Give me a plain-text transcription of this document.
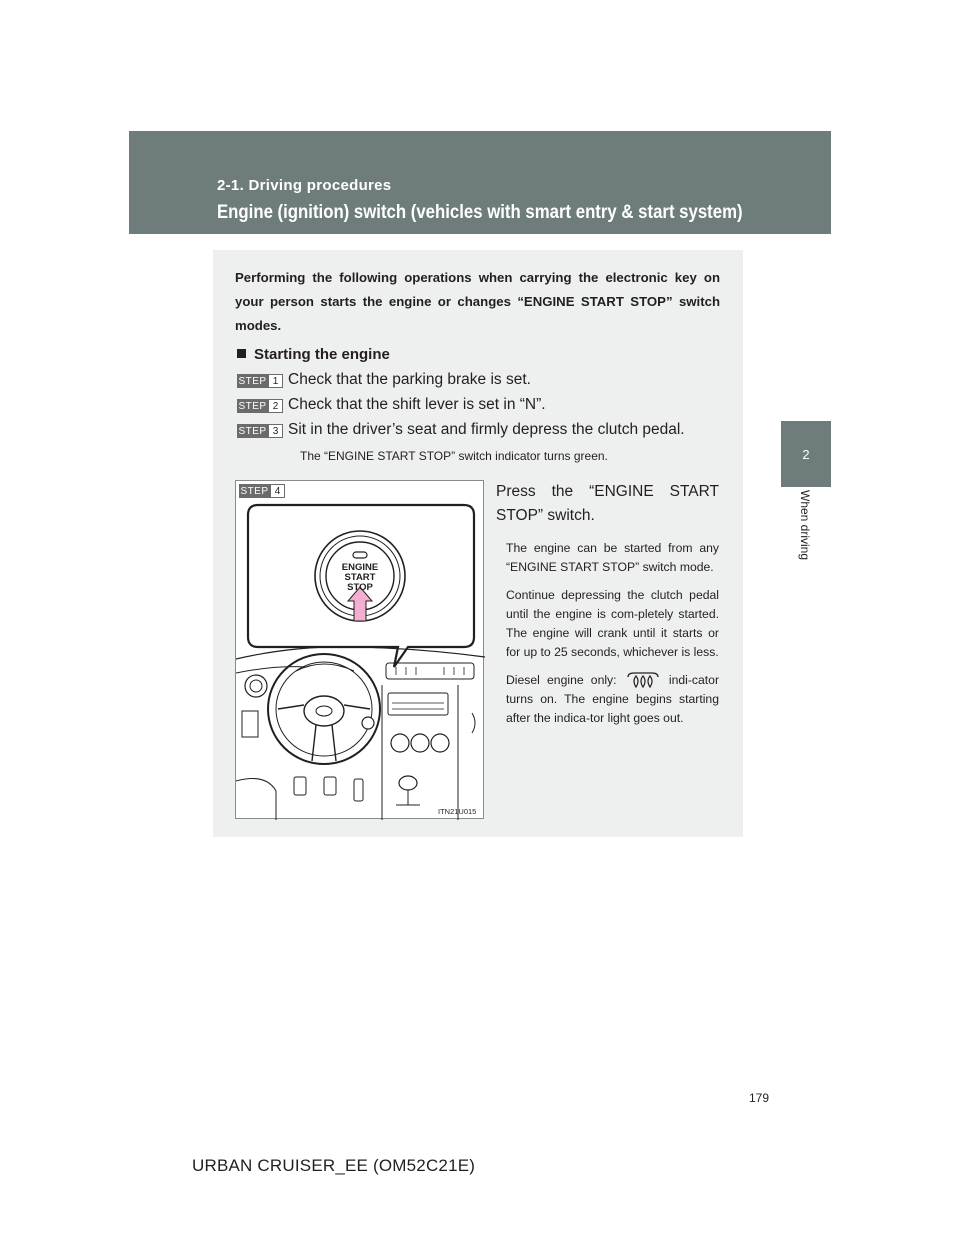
2-1. Driving procedures
Engine (ignition) switch (vehicles with smart entry & start system)
2
When driving
Performing the following operations when carrying the electronic key on your person starts the engine or changes “ENGINE START STOP” switch modes.
Starting the engine
STEP 1 Check that the parking brake is set.
STEP 2 Check that the shift lever is set in “N”.
STEP 3 Sit in the driver’s seat and firmly depress the clutch pedal.
The “ENGINE START STOP” switch indicator turns green.
STEP 4
ENGINE
START
STOP
ITN21U015

Press the “ENGINE START STOP” switch.

The engine can be started from any “ENGINE START STOP” switch mode.

Continue depressing the clutch pedal until the engine is com-pletely started. The engine will crank until it starts or for up to 25 seconds, whichever is less.

Diesel engine only:	indi-cator turns on. The engine begins starting after the indica-tor light goes out.

179
URBAN CRUISER_EE (OM52C21E)
